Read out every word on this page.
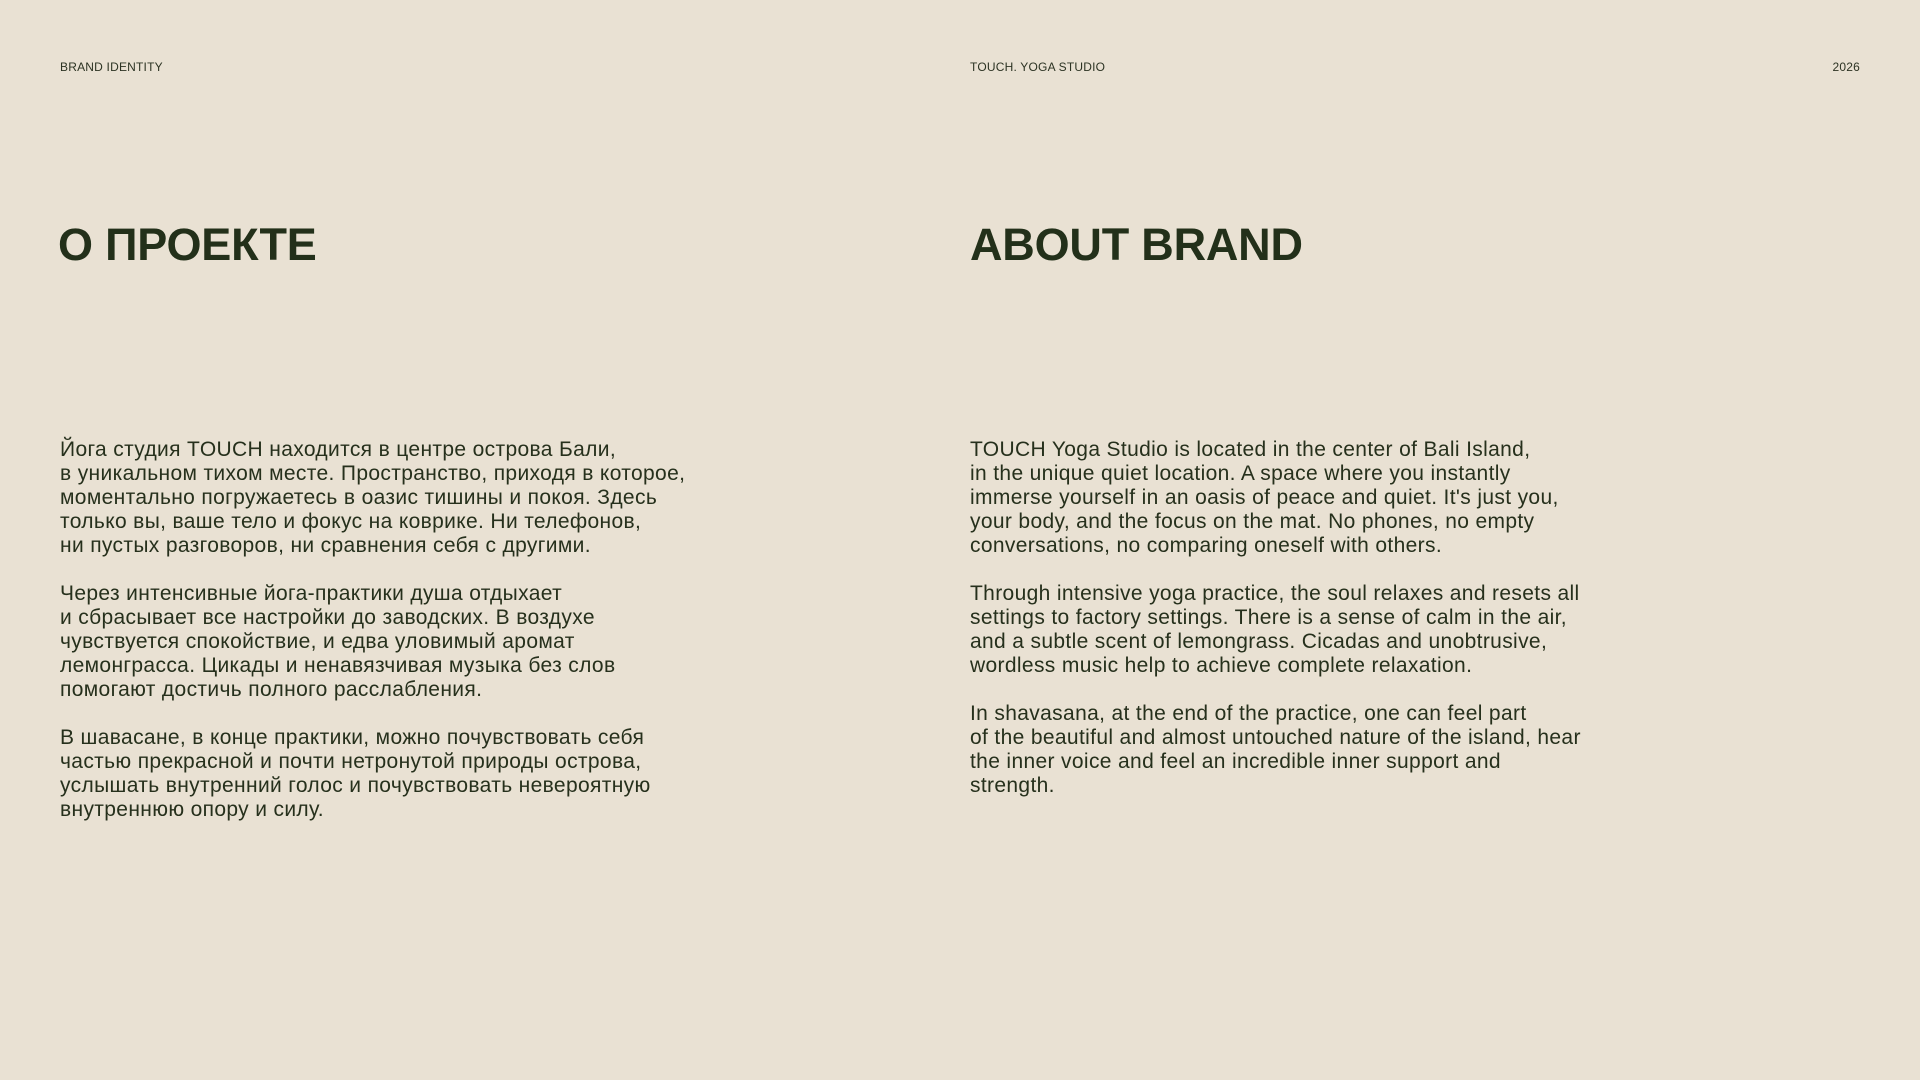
BRAND IDENTITY	TOUCH. YOGA STUDIO	2026
О ПРОЕКТЕ

Йога студия TOUCH находится в центре острова Бали,
в уникальном тихом месте. Пространство, приходя в которое,
моментально погружаетесь в оазис тишины и покоя. Здесь
только вы, ваше тело и фокус на коврике. Ни телефонов,
ни пустых разговоров, ни сравнения себя с другими.

Через интенсивные йога-практики душа отдыхает
и сбрасывает все настройки до заводских. В воздухе
чувствуется спокойствие, и едва уловимый аромат
лемонграсса. Цикады и ненавязчивая музыка без слов
помогают достичь полного расслабления.

В шавасане, в конце практики, можно почувствовать себя
частью прекрасной и почти нетронутой природы острова,
услышать внутренний голос и почувствовать невероятную
внутреннюю опору и силу.

ABOUT BRAND

TOUCH Yoga Studio is located in the center of Bali Island,
in the unique quiet location. A space where you instantly
immerse yourself in an oasis of peace and quiet. It's just you,
your body, and the focus on the mat. No phones, no empty
conversations, no comparing oneself with others.

Through intensive yoga practice, the soul relaxes and resets all
settings to factory settings. There is a sense of calm in the air,
and a subtle scent of lemongrass. Cicadas and unobtrusive,
wordless music help to achieve complete relaxation.

In shavasana, at the end of the practice, one can feel part
of the beautiful and almost untouched nature of the island, hear
the inner voice and feel an incredible inner support and
strength.
